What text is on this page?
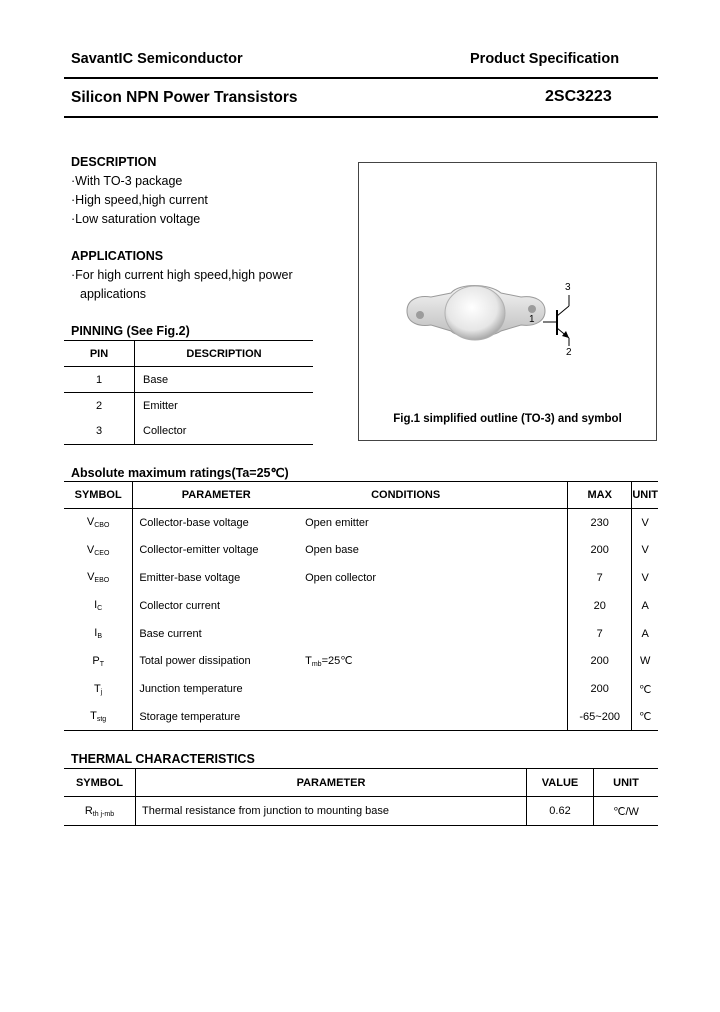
SavantIC Semiconductor	Product Specification
Silicon NPN Power Transistors	2SC3223
DESCRIPTION
·With TO-3 package
·High speed,high current
·Low saturation voltage
APPLICATIONS
·For high current high speed,high power
applications
PINNING (See Fig.2)
PIN	DESCRIPTION
1	Base
2	Emitter
3	Collector
1
2
3
Fig.1 simplified outline (TO-3) and symbol
Absolute maximum ratings(Ta=25℃)
SYMBOL	PARAMETER	CONDITIONS	MAX	UNIT
$V_{CBO}$	Collector-base voltage	Open emitter	230	V
$V_{CEO}$	Collector-emitter voltage	Open base	200	V
$V_{EBO}$	Emitter-base voltage	Open collector	7	V
$I_C$	Collector current		20	A
$I_B$	Base current		7	A
$P_T$	Total power dissipation	$T_{mb}=25℃$	200	W
$T_j$	Junction temperature		200	℃
$T_{stg}$	Storage temperature		-65~200	℃
THERMAL CHARACTERISTICS
SYMBOL	PARAMETER	VALUE	UNIT
$R_{th j-mb}$	Thermal resistance from junction to mounting base	0.62	℃/W
